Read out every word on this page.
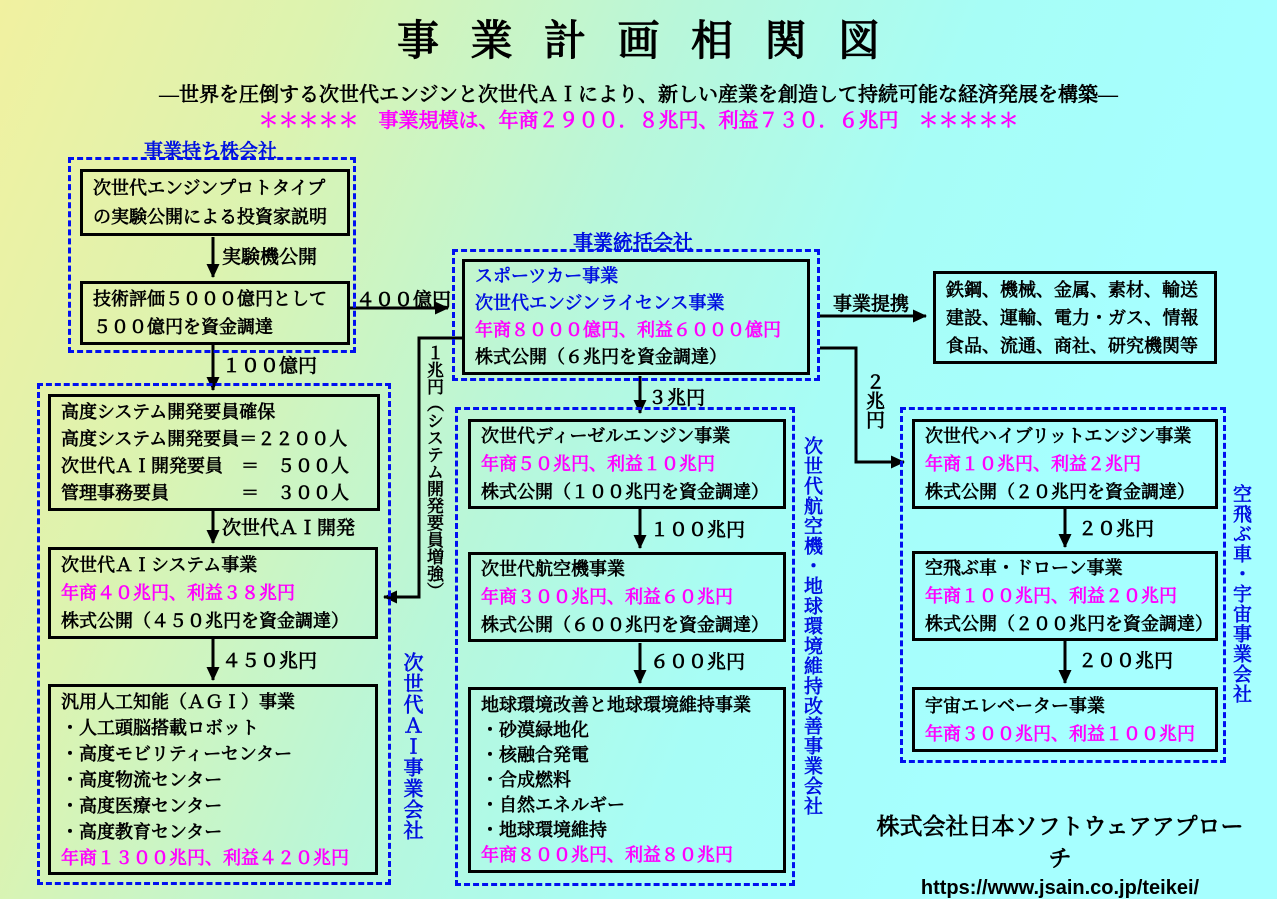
事業計画相関図
―世界を圧倒する次世代エンジンと次世代ＡＩにより、新しい産業を創造して持続可能な経済発展を構築―
＊＊＊＊＊　事業規模は、年商２９００．８兆円、利益７３０．６兆円　＊＊＊＊＊
事業持ち株会社
事業統括会社
次世代ＡＩ事業会社	次世代航空機・地球環境維持改善事業会社	空飛ぶ車・宇宙事業会社
次世代エンジンプロトタイプ
の実験公開による投資家説明
技術評価５０００億円として
５００億円を資金調達
スポーツカー事業
次世代エンジンライセンス事業
年商８０００億円、利益６０００億円
株式公開（６兆円を資金調達）
鉄鋼、機械、金属、素材、輸送
建設、運輸、電力・ガス、情報
食品、流通、商社、研究機関等
高度システム開発要員確保
高度システム開発要員＝２２００人
次世代ＡＩ開発要員　＝　５００人
管理事務要員　　　　＝　３００人
次世代ＡＩシステム事業
年商４０兆円、利益３８兆円
株式公開（４５０兆円を資金調達）
汎用人工知能（ＡＧＩ）事業
・人工頭脳搭載ロボット
・高度モビリティーセンター
・高度物流センター
・高度医療センター
・高度教育センター
年商１３００兆円、利益４２０兆円
次世代ディーゼルエンジン事業
年商５０兆円、利益１０兆円
株式公開（１００兆円を資金調達）
次世代航空機事業
年商３００兆円、利益６０兆円
株式公開（６００兆円を資金調達）
地球環境改善と地球環境維持事業
・砂漠緑地化
・核融合発電
・合成燃料
・自然エネルギー
・地球環境維持
年商８００兆円、利益８０兆円
次世代ハイブリットエンジン事業
年商１０兆円、利益２兆円
株式公開（２０兆円を資金調達）
空飛ぶ車・ドローン事業
年商１００兆円、利益２０兆円
株式公開（２００兆円を資金調達）
宇宙エレベーター事業
年商３００兆円、利益１００兆円
実験機公開
４００億円
１００億円
次世代ＡＩ開発
４５０兆円
３兆円
事業提携
２兆円
１兆円（システム開発要員増強）	１００兆円
６００兆円
２０兆円
２００兆円
株式会社日本ソフトウェアアプローチ
https://www.jsain.co.jp/teikei/
